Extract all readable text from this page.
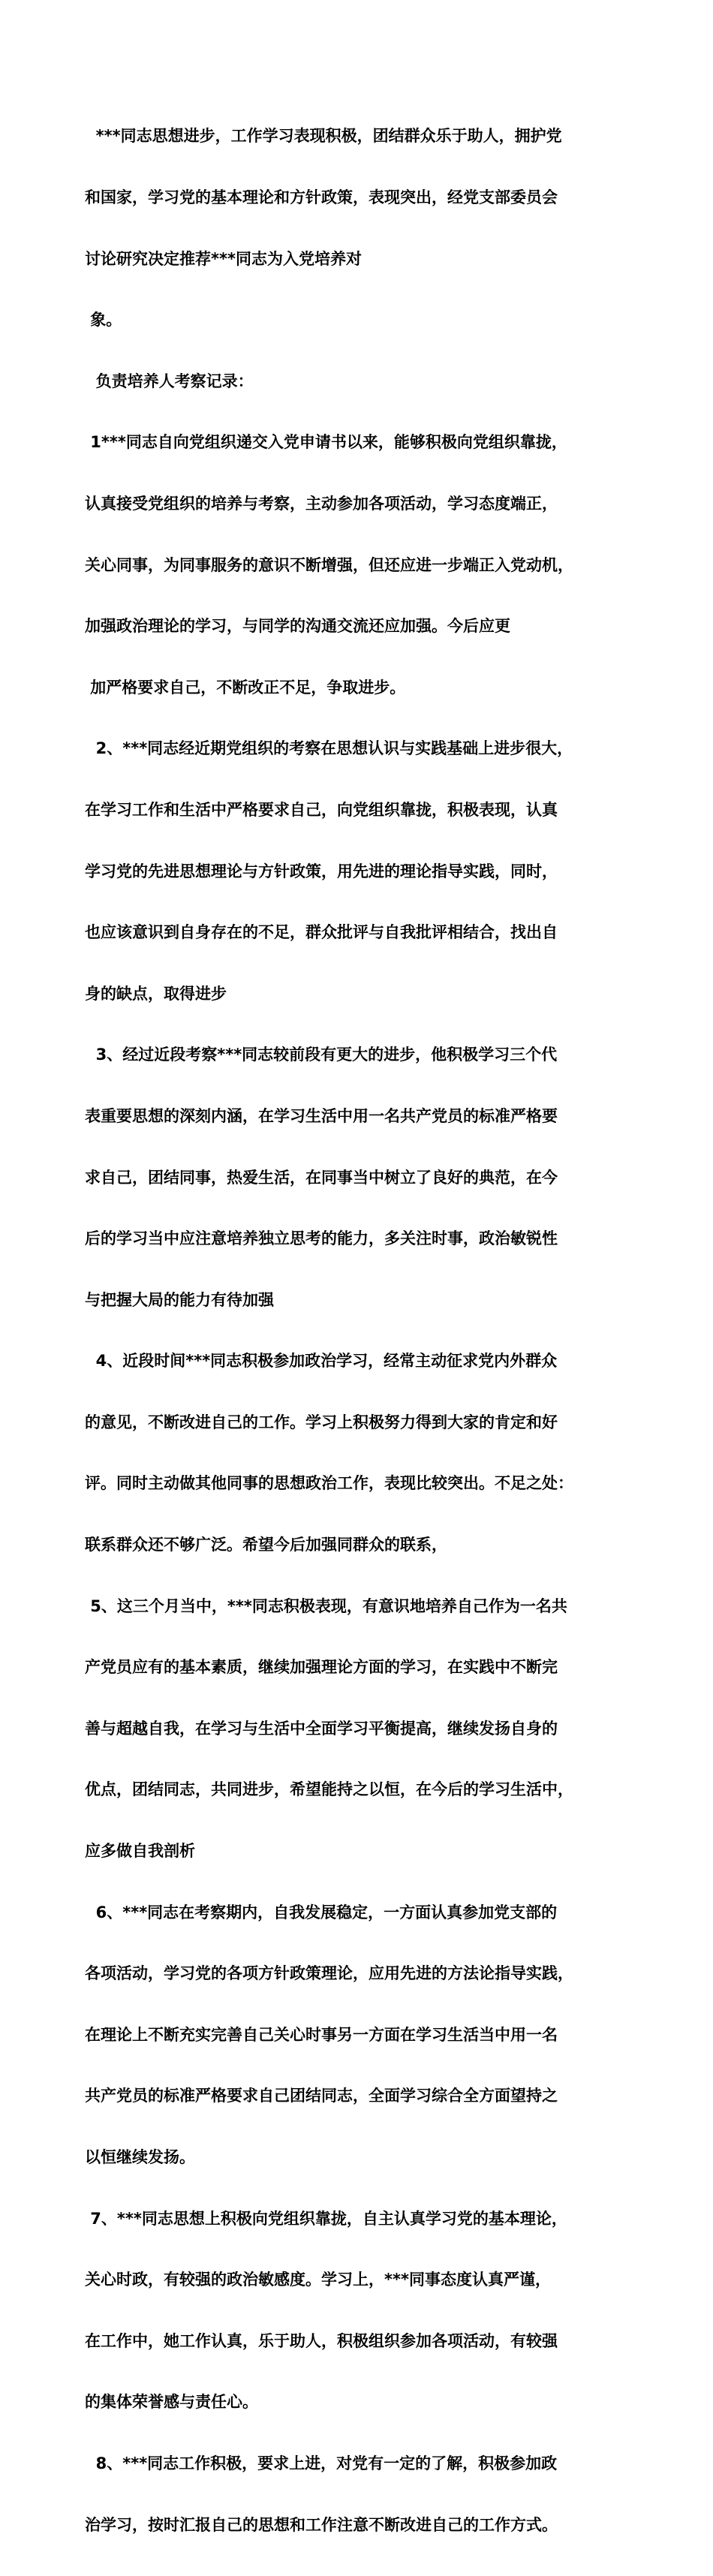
***同志思想进步，工作学习表现积极，团结群众乐于助人，拥护党

和国家，学习党的基本理论和方针政策，表现突出，经党支部委员会

讨论研究决定推荐***同志为入党培养对

象。

负责培养人考察记录：

1***同志自向党组织递交入党申请书以来，能够积极向党组织靠拢，

认真接受党组织的培养与考察，主动参加各项活动，学习态度端正，

关心同事，为同事服务的意识不断增强，但还应进一步端正入党动机，

加强政治理论的学习，与同学的沟通交流还应加强。今后应更

加严格要求自己，不断改正不足，争取进步。

2、***同志经近期党组织的考察在思想认识与实践基础上进步很大，

在学习工作和生活中严格要求自己，向党组织靠拢，积极表现，认真

学习党的先进思想理论与方针政策，用先进的理论指导实践，同时，

也应该意识到自身存在的不足，群众批评与自我批评相结合，找出自

身的缺点，取得进步

3、经过近段考察***同志较前段有更大的进步，他积极学习三个代

表重要思想的深刻内涵，在学习生活中用一名共产党员的标准严格要

求自己，团结同事，热爱生活，在同事当中树立了良好的典范，在今

后的学习当中应注意培养独立思考的能力，多关注时事，政治敏锐性

与把握大局的能力有待加强

4、近段时间***同志积极参加政治学习，经常主动征求党内外群众

的意见，不断改进自己的工作。学习上积极努力得到大家的肯定和好

评。同时主动做其他同事的思想政治工作，表现比较突出。不足之处：

联系群众还不够广泛。希望今后加强同群众的联系，

5、这三个月当中，***同志积极表现，有意识地培养自己作为一名共

产党员应有的基本素质，继续加强理论方面的学习，在实践中不断完

善与超越自我，在学习与生活中全面学习平衡提高，继续发扬自身的

优点，团结同志，共同进步，希望能持之以恒，在今后的学习生活中，

应多做自我剖析

6、***同志在考察期内，自我发展稳定，一方面认真参加党支部的

各项活动，学习党的各项方针政策理论，应用先进的方法论指导实践，

在理论上不断充实完善自己关心时事另一方面在学习生活当中用一名

共产党员的标准严格要求自己团结同志，全面学习综合全方面望持之

以恒继续发扬。

7、***同志思想上积极向党组织靠拢，自主认真学习党的基本理论，

关心时政，有较强的政治敏感度。学习上，***同事态度认真严谨，

在工作中，她工作认真，乐于助人，积极组织参加各项活动，有较强

的集体荣誉感与责任心。

8、***同志工作积极，要求上进，对党有一定的了解，积极参加政

治学习，按时汇报自己的思想和工作注意不断改进自己的工作方式。
